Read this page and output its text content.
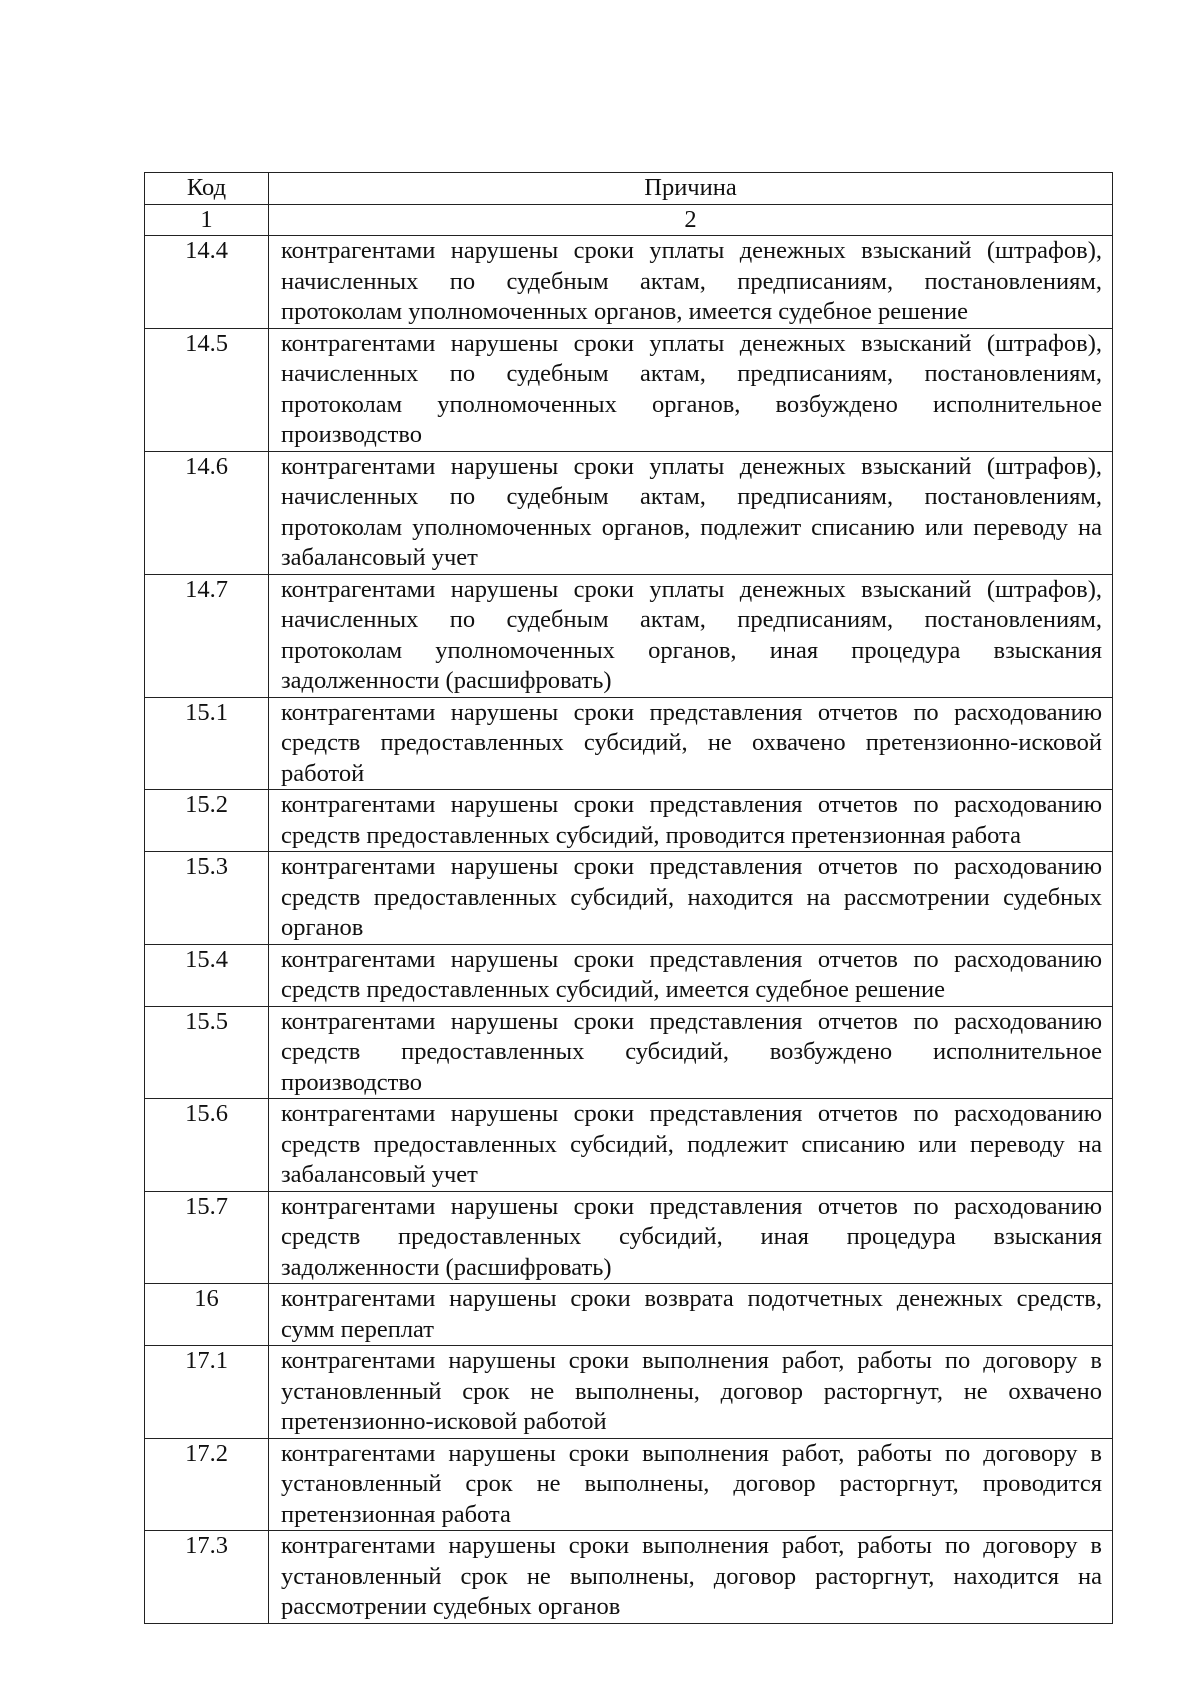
Код	Причина
1	2
14.4	контрагентами нарушены сроки уплаты денежных взысканий (штрафов), начисленных по судебным актам, предписаниям, постановлениям, протоколам уполномоченных органов, имеется судебное решение
14.5	контрагентами нарушены сроки уплаты денежных взысканий (штрафов), начисленных по судебным актам, предписаниям, постановлениям, протоколам уполномоченных органов, возбуждено исполнительное производство
14.6	контрагентами нарушены сроки уплаты денежных взысканий (штрафов), начисленных по судебным актам, предписаниям, постановлениям, протоколам уполномоченных органов, подлежит списанию или переводу на забалансовый учет
14.7	контрагентами нарушены сроки уплаты денежных взысканий (штрафов), начисленных по судебным актам, предписаниям, постановлениям, протоколам уполномоченных органов, иная процедура взыскания задолженности (расшифровать)
15.1	контрагентами нарушены сроки представления отчетов по расходованию средств предоставленных субсидий, не охвачено претензионно-исковой работой
15.2	контрагентами нарушены сроки представления отчетов по расходованию средств предоставленных субсидий, проводится претензионная работа
15.3	контрагентами нарушены сроки представления отчетов по расходованию средств предоставленных субсидий, находится на рассмотрении судебных органов
15.4	контрагентами нарушены сроки представления отчетов по расходованию средств предоставленных субсидий, имеется судебное решение
15.5	контрагентами нарушены сроки представления отчетов по расходованию средств предоставленных субсидий, возбуждено исполнительное производство
15.6	контрагентами нарушены сроки представления отчетов по расходованию средств предоставленных субсидий, подлежит списанию или переводу на забалансовый учет
15.7	контрагентами нарушены сроки представления отчетов по расходованию средств предоставленных субсидий, иная процедура взыскания задолженности (расшифровать)
16	контрагентами нарушены сроки возврата подотчетных денежных средств, сумм переплат
17.1	контрагентами нарушены сроки выполнения работ, работы по договору в установленный срок не выполнены, договор расторгнут, не охвачено претензионно-исковой работой
17.2	контрагентами нарушены сроки выполнения работ, работы по договору в установленный срок не выполнены, договор расторгнут, проводится претензионная работа
17.3	контрагентами нарушены сроки выполнения работ, работы по договору в установленный срок не выполнены, договор расторгнут, находится на рассмотрении судебных органов
